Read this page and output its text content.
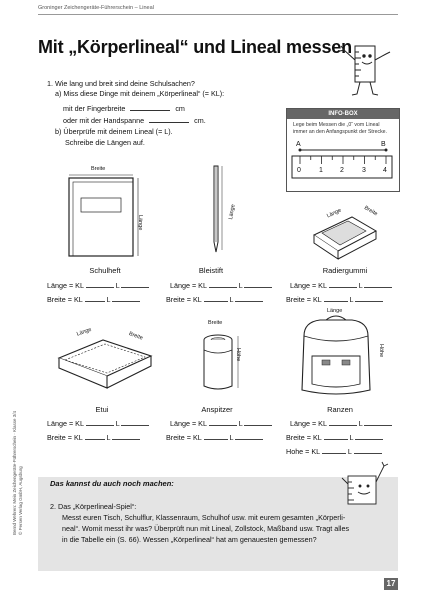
Groninger Zeichengeräte-Führerschein – Lineal
Mit „Körperlineal“ und Lineal messen
1. Wie lang und breit sind deine Schulsachen?
a) Miss diese Dinge mit deinem „Körperlineal“ (= KL):
mit der Fingerbreite	cm
oder mit der Handspanne	cm.
b) Überprüfe mit deinem Lineal (= L).
Schreibe die Längen auf.
INFO-BOX
Lege beim Messen die „0“ vom Lineal immer an den Anfangspunkt der Strecke.
A	B
0	1 2	3 4
Breite
Länge
Länge	Länge	Breite
Schulheft	Bleistift	Radiergummi
Länge = KL	L
Breite = KL	L
Länge = KL	L
Breite = KL	L
Länge = KL	L
Breite = KL	L
Länge	Breite
Breite
Höhe
Länge
Höhe
Etui	Anspitzer	Ranzen
Länge = KL	L
Breite = KL	L
Länge = KL	L
Breite = KL	L
Länge = KL	L
Breite = KL	L
Hohe = KL	L
Bernd Wehren: Mein Zeichengeräte-Führerschein · Klasse 3/4 © Persen Verlag GmbH, Augsburg	Das kannst du auch noch machen:
2. Das „Körperlineal-Spiel“:
Messt euren Tisch, Schulflur, Klassenraum, Schulhof usw. mit eurem gesamten „Körperli-
neal“. Womit messt ihr was? Überprüft nun mit Lineal, Zollstock, Maßband usw. Tragt alles
in die Tabelle ein (S. 66). Wessen „Körperlineal“ hat am genauesten gemessen?
17
